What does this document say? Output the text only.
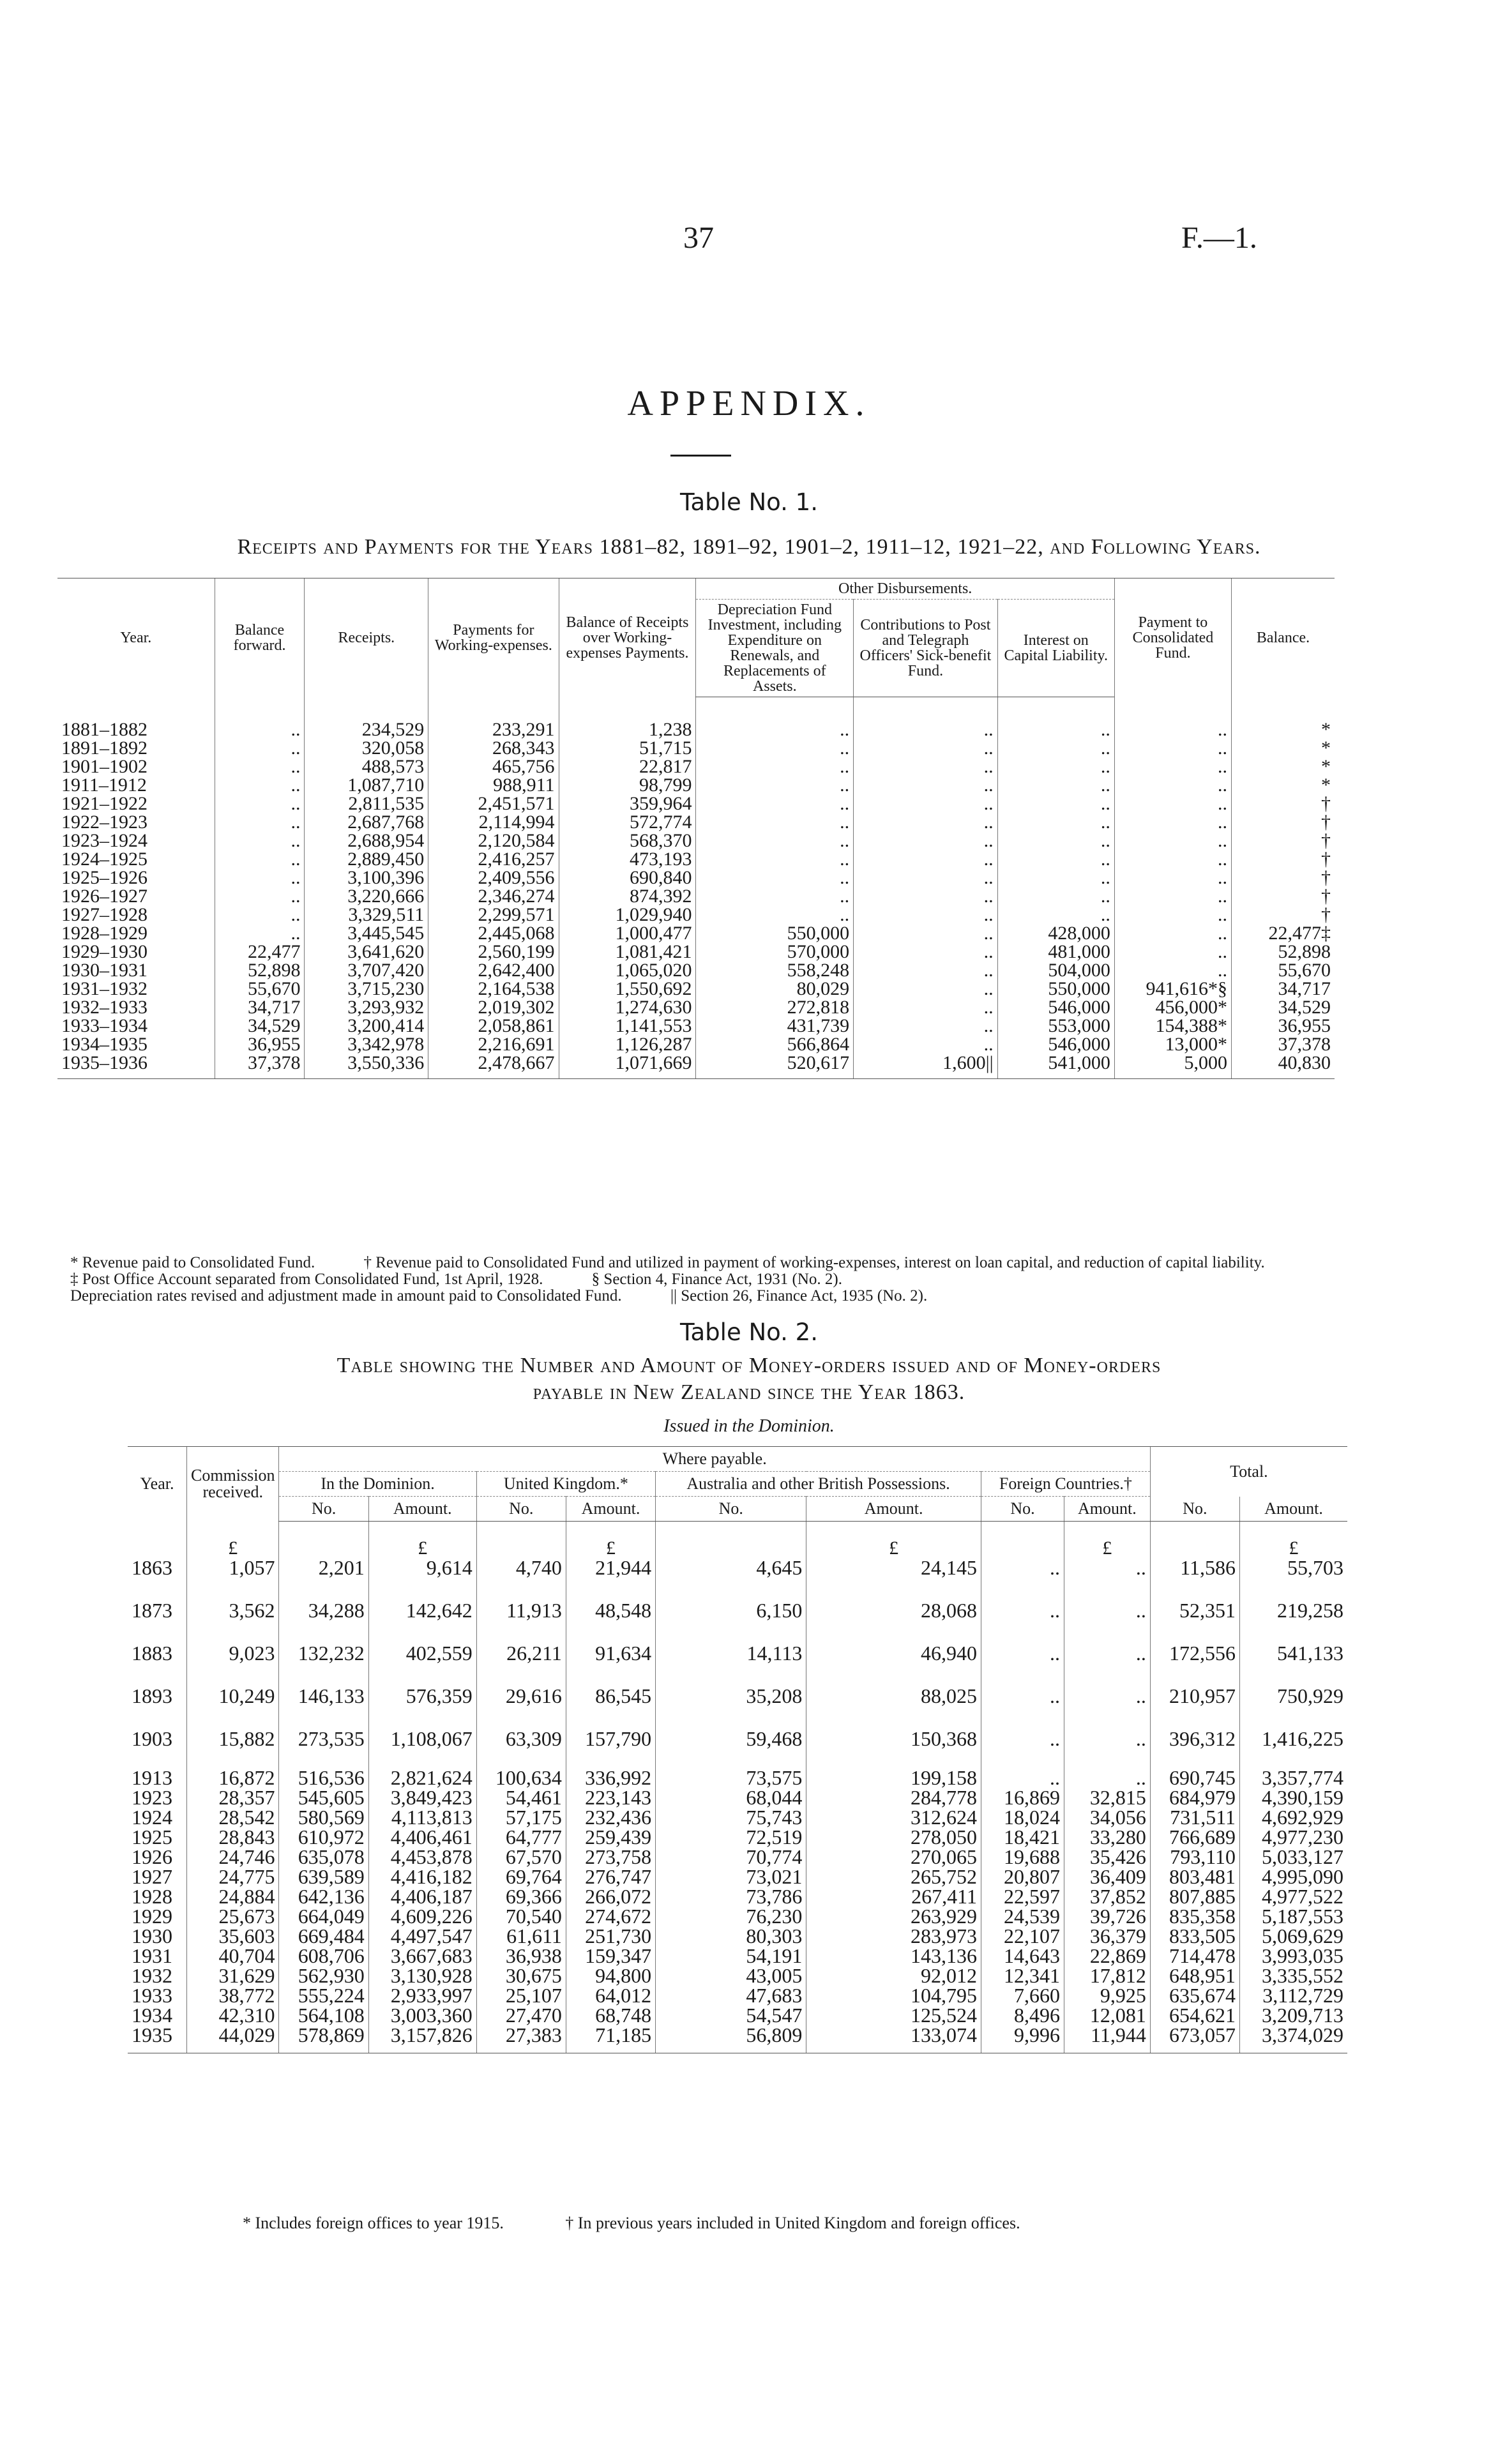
37	F.—1.
APPENDIX.
Table No. 1.
Receipts and Payments for the Years 1881–82, 1891–92, 1901–2, 1911–12, 1921–22, and Following Years.
Year.	Balance forward.	Receipts.	Payments for Working-expenses.	Balance of Receipts over Working-expenses Payments.	Other Disbursements.			Payment to Consolidated Fund.	Balance.
					Depreciation Fund Investment, including Expenditure on Renewals, and Replacements of Assets.	Contributions to Post and Telegraph Officers' Sick-benefit Fund.	Interest on Capital Liability.		
1881–1882	..	234,529	233,291	1,238	..	..	..	..	*
1891–1892	..	320,058	268,343	51,715	..	..	..	..	*
1901–1902	..	488,573	465,756	22,817	..	..	..	..	*
1911–1912	..	1,087,710	988,911	98,799	..	..	..	..	*
1921–1922	..	2,811,535	2,451,571	359,964	..	..	..	..	†
1922–1923	..	2,687,768	2,114,994	572,774	..	..	..	..	†
1923–1924	..	2,688,954	2,120,584	568,370	..	..	..	..	†
1924–1925	..	2,889,450	2,416,257	473,193	..	..	..	..	†
1925–1926	..	3,100,396	2,409,556	690,840	..	..	..	..	†
1926–1927	..	3,220,666	2,346,274	874,392	..	..	..	..	†
1927–1928	..	3,329,511	2,299,571	1,029,940	..	..	..	..	†
1928–1929	..	3,445,545	2,445,068	1,000,477	550,000	..	428,000	..	22,477‡
1929–1930	22,477	3,641,620	2,560,199	1,081,421	570,000	..	481,000	..	52,898
1930–1931	52,898	3,707,420	2,642,400	1,065,020	558,248	..	504,000	..	55,670
1931–1932	55,670	3,715,230	2,164,538	1,550,692	80,029	..	550,000	941,616*§	34,717
1932–1933	34,717	3,293,932	2,019,302	1,274,630	272,818	..	546,000	456,000*	34,529
1933–1934	34,529	3,200,414	2,058,861	1,141,553	431,739	..	553,000	154,388*	36,955
1934–1935	36,955	3,342,978	2,216,691	1,126,287	566,864	..	546,000	13,000*	37,378
1935–1936	37,378	3,550,336	2,478,667	1,071,669	520,617	1,600||	541,000	5,000	40,830
* Revenue paid to Consolidated Fund.	† Revenue paid to Consolidated Fund and utilized in payment of working-expenses, interest on loan capital, and reduction of capital liability.
‡ Post Office Account separated from Consolidated Fund, 1st April, 1928.	§ Section 4, Finance Act, 1931 (No. 2).
Depreciation rates revised and adjustment made in amount paid to Consolidated Fund.	|| Section 26, Finance Act, 1935 (No. 2).
Table No. 2.
Table showing the Number and Amount of Money-orders issued and of Money-orders
payable in New Zealand since the Year 1863.
Issued in the Dominion.
Year.	Commission received.	Where payable.								Total.	
		In the Dominion.		United Kingdom.*		Australia and other British Possessions.		Foreign Countries.†			
		No.	Amount.	No.	Amount.	No.	Amount.	No.	Amount.	No.	Amount.
	£		£		£		£		£		£
1863	1,057	2,201	9,614	4,740	21,944	4,645	24,145	..	..	11,586	55,703
1873	3,562	34,288	142,642	11,913	48,548	6,150	28,068	..	..	52,351	219,258
1883	9,023	132,232	402,559	26,211	91,634	14,113	46,940	..	..	172,556	541,133
1893	10,249	146,133	576,359	29,616	86,545	35,208	88,025	..	..	210,957	750,929
1903	15,882	273,535	1,108,067	63,309	157,790	59,468	150,368	..	..	396,312	1,416,225
1913	16,872	516,536	2,821,624	100,634	336,992	73,575	199,158	..	..	690,745	3,357,774
1923	28,357	545,605	3,849,423	54,461	223,143	68,044	284,778	16,869	32,815	684,979	4,390,159
1924	28,542	580,569	4,113,813	57,175	232,436	75,743	312,624	18,024	34,056	731,511	4,692,929
1925	28,843	610,972	4,406,461	64,777	259,439	72,519	278,050	18,421	33,280	766,689	4,977,230
1926	24,746	635,078	4,453,878	67,570	273,758	70,774	270,065	19,688	35,426	793,110	5,033,127
1927	24,775	639,589	4,416,182	69,764	276,747	73,021	265,752	20,807	36,409	803,481	4,995,090
1928	24,884	642,136	4,406,187	69,366	266,072	73,786	267,411	22,597	37,852	807,885	4,977,522
1929	25,673	664,049	4,609,226	70,540	274,672	76,230	263,929	24,539	39,726	835,358	5,187,553
1930	35,603	669,484	4,497,547	61,611	251,730	80,303	283,973	22,107	36,379	833,505	5,069,629
1931	40,704	608,706	3,667,683	36,938	159,347	54,191	143,136	14,643	22,869	714,478	3,993,035
1932	31,629	562,930	3,130,928	30,675	94,800	43,005	92,012	12,341	17,812	648,951	3,335,552
1933	38,772	555,224	2,933,997	25,107	64,012	47,683	104,795	7,660	9,925	635,674	3,112,729
1934	42,310	564,108	3,003,360	27,470	68,748	54,547	125,524	8,496	12,081	654,621	3,209,713
1935	44,029	578,869	3,157,826	27,383	71,185	56,809	133,074	9,996	11,944	673,057	3,374,029
* Includes foreign offices to year 1915.	† In previous years included in United Kingdom and foreign offices.
